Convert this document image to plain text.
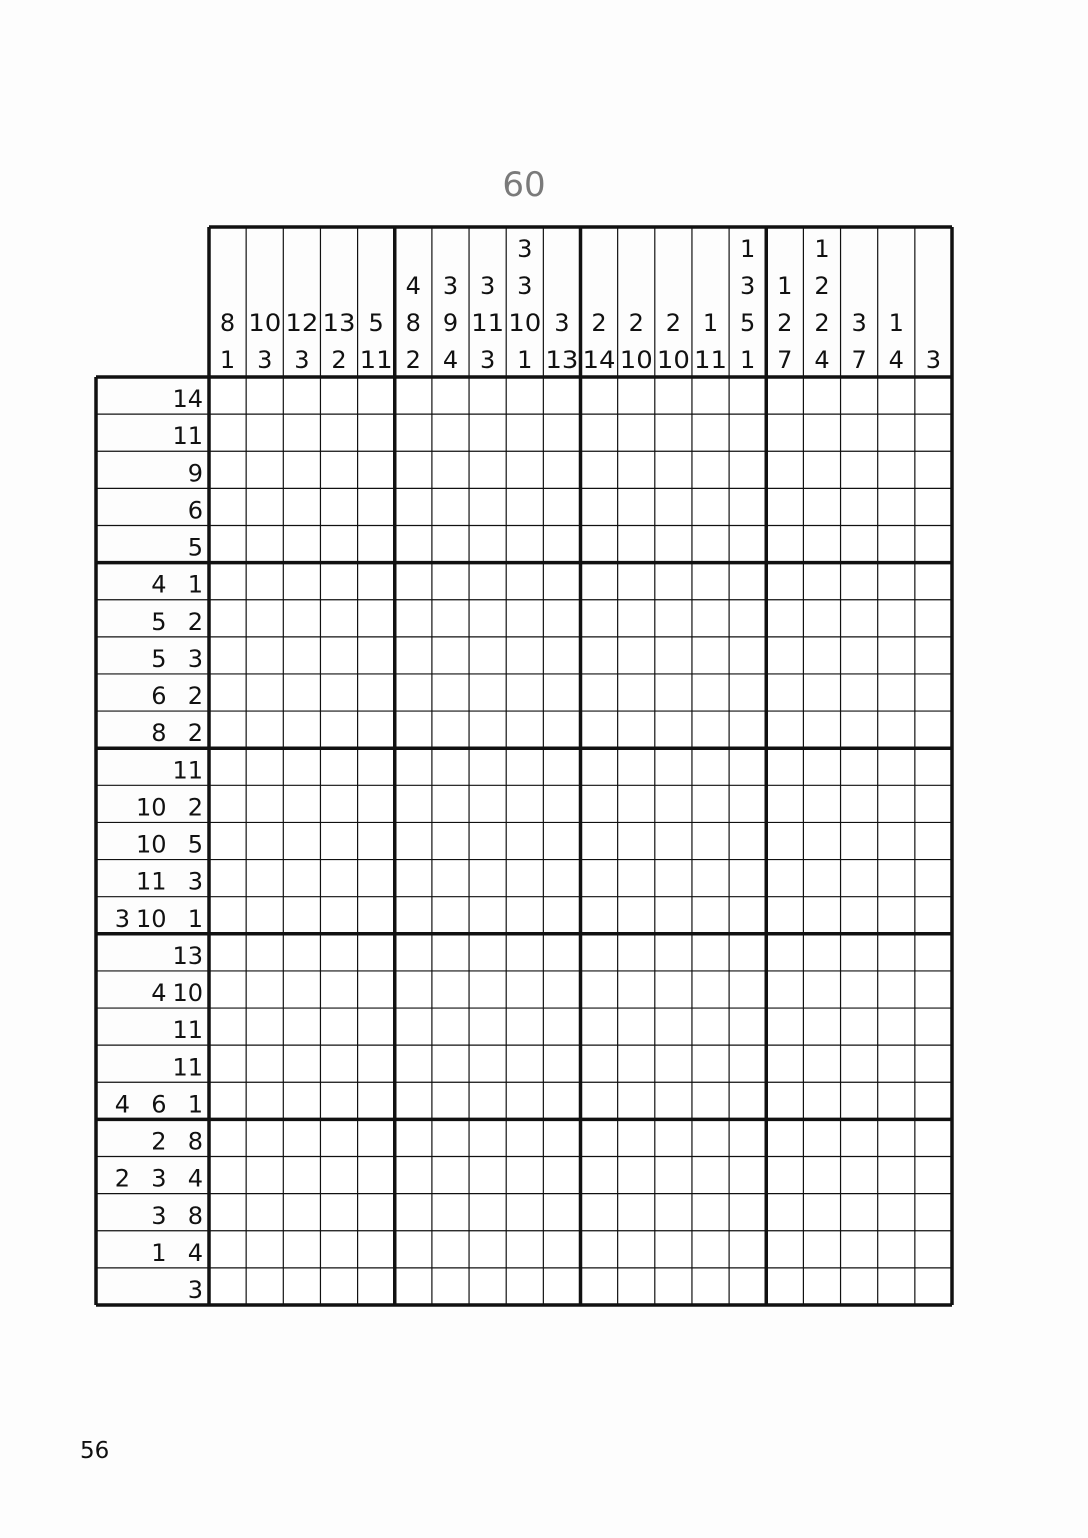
60
8
1
10
3
12
3
13
2
5
11
4
8
2
3
9
4
3
11
3
3
3
10
1
3
13
2
14
2
10
2
10
1
11
1
3
5
1
1
2
7
1
2
2
4
3
7
1
4 3
14
11
9
6
5
4 1
5 2
5 3
6 2
8 2
11
10 2
10 5
11 3
3 10 1
13
4 10
11
11
4 6 1
2 8
2 3 4
3 8
1 4
3
56
